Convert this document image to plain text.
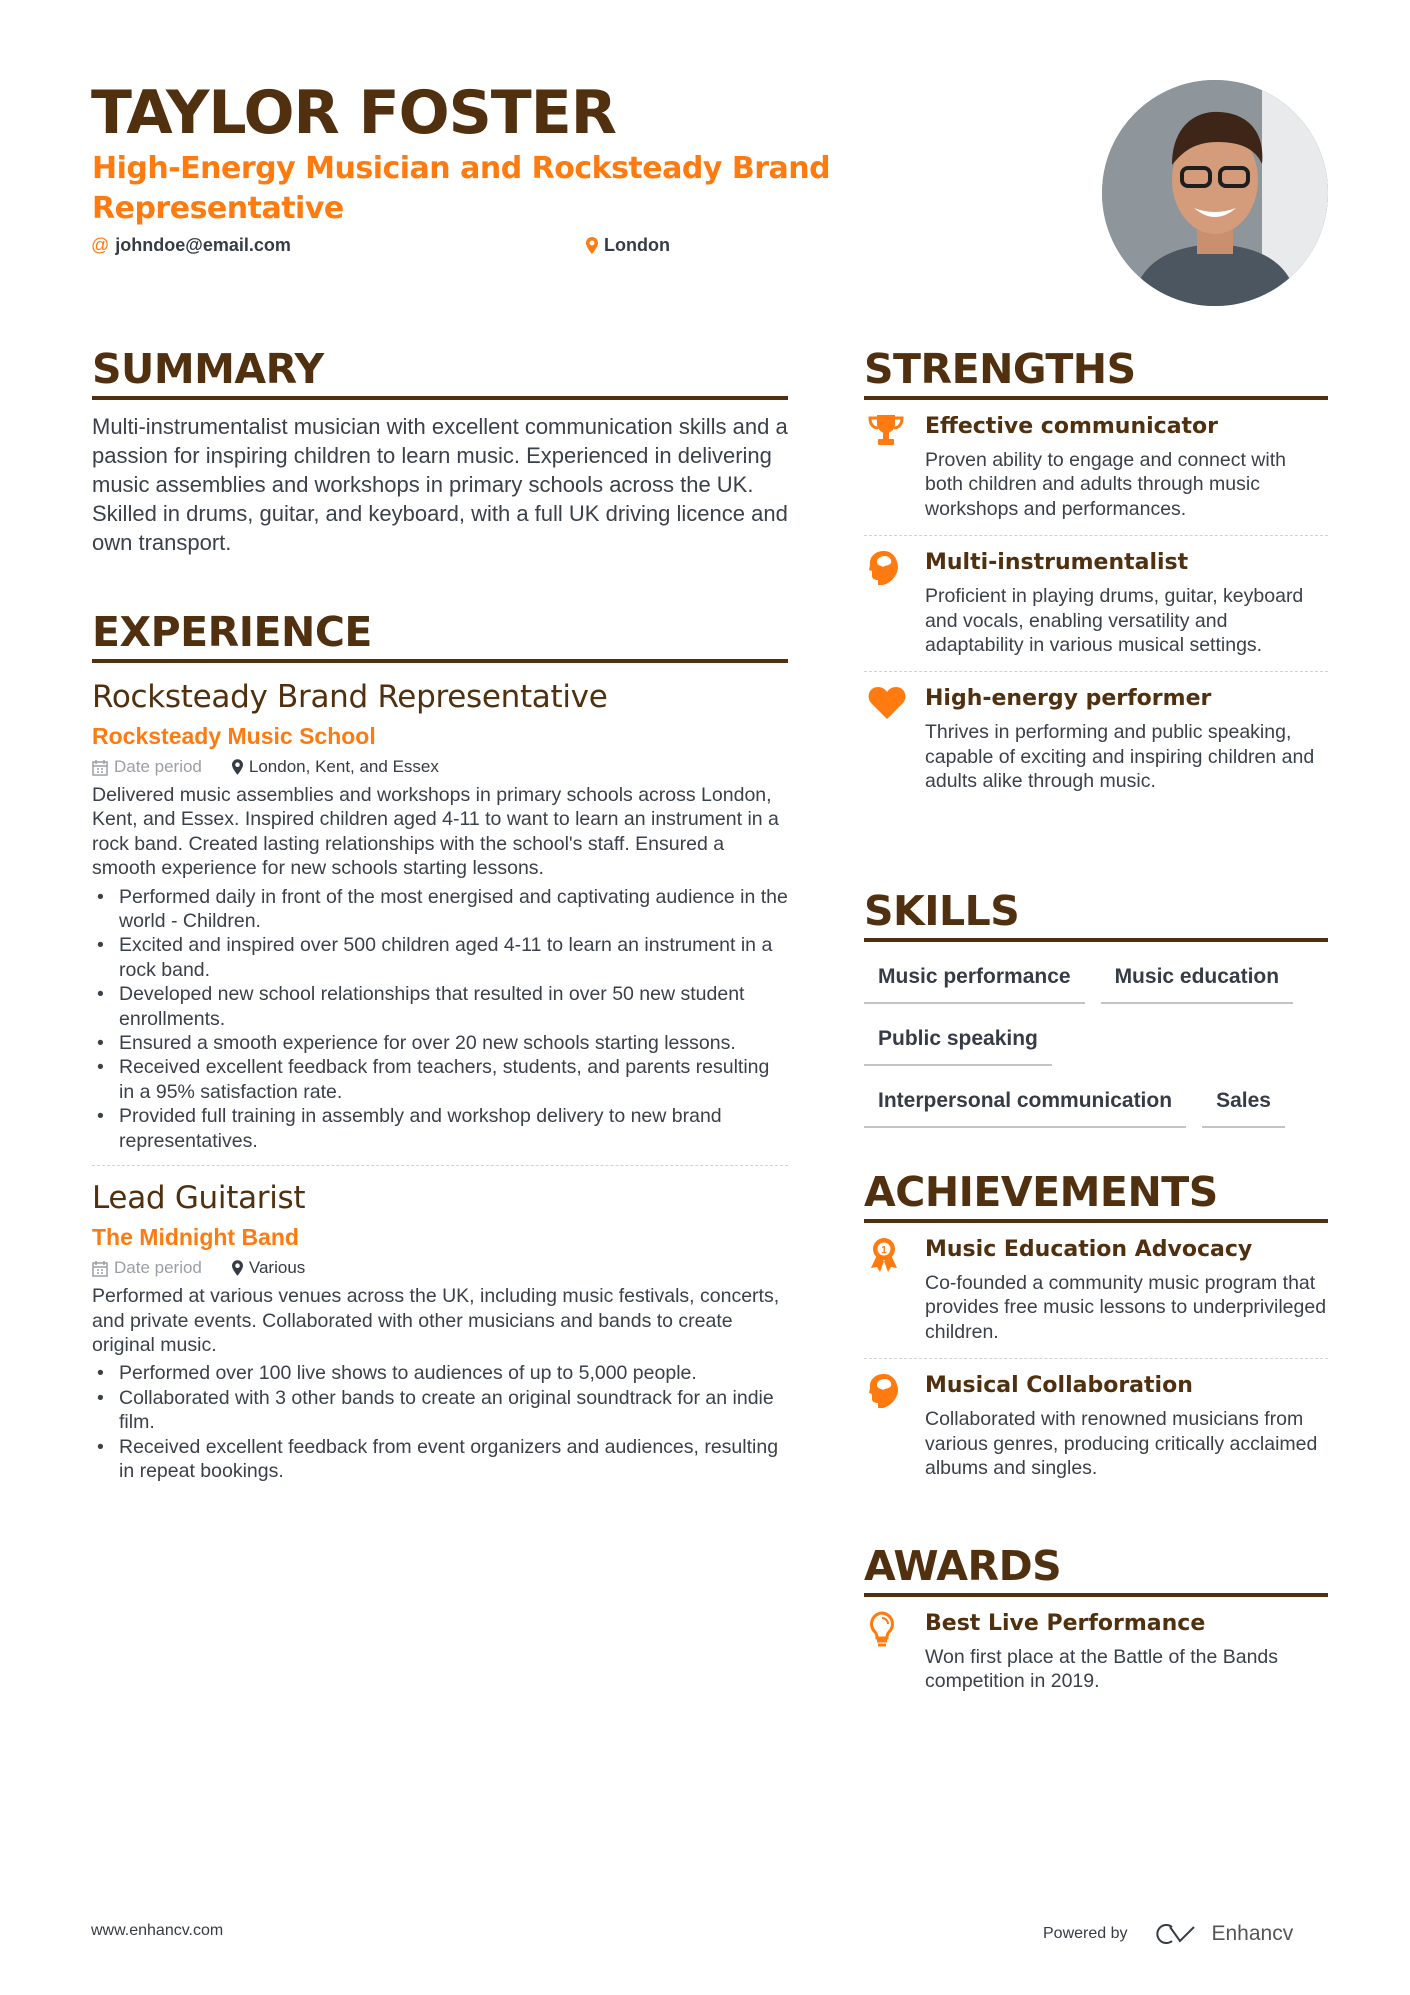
TAYLOR FOSTER
High-Energy Musician and Rocksteady Brand Representative
@ johndoe@email.com	London
SUMMARY
Multi-instrumentalist musician with excellent communication skills and a passion for inspiring children to learn music. Experienced in delivering music assemblies and workshops in primary schools across the UK. Skilled in drums, guitar, and keyboard, with a full UK driving licence and own transport.
EXPERIENCE
Rocksteady Brand Representative
Rocksteady Music School
Date period	London, Kent, and Essex
Delivered music assemblies and workshops in primary schools across London, Kent, and Essex. Inspired children aged 4-11 to want to learn an instrument in a rock band. Created lasting relationships with the school's staff. Ensured a smooth experience for new schools starting lessons.
• Performed daily in front of the most energised and captivating audience in the world - Children.
• Excited and inspired over 500 children aged 4-11 to learn an instrument in a rock band.
• Developed new school relationships that resulted in over 50 new student enrollments.
• Ensured a smooth experience for over 20 new schools starting lessons.
• Received excellent feedback from teachers, students, and parents resulting in a 95% satisfaction rate.
• Provided full training in assembly and workshop delivery to new brand representatives.
Lead Guitarist
The Midnight Band
Date period	Various
Performed at various venues across the UK, including music festivals, concerts, and private events. Collaborated with other musicians and bands to create original music.
• Performed over 100 live shows to audiences of up to 5,000 people.
• Collaborated with 3 other bands to create an original soundtrack for an indie film.
• Received excellent feedback from event organizers and audiences, resulting in repeat bookings.
STRENGTHS
Effective communicator
Proven ability to engage and connect with both children and adults through music workshops and performances.
Multi-instrumentalist
Proficient in playing drums, guitar, keyboard and vocals, enabling versatility and adaptability in various musical settings.
High-energy performer
Thrives in performing and public speaking, capable of exciting and inspiring children and adults alike through music.
SKILLS
Music performance	Music education
Public speaking
Interpersonal communication	Sales
ACHIEVEMENTS
1 Music Education Advocacy
Co-founded a community music program that provides free music lessons to underprivileged children.
Musical Collaboration
Collaborated with renowned musicians from various genres, producing critically acclaimed albums and singles.
AWARDS
Best Live Performance
Won first place at the Battle of the Bands competition in 2019.
www.enhancv.com	Powered by	Enhancv
